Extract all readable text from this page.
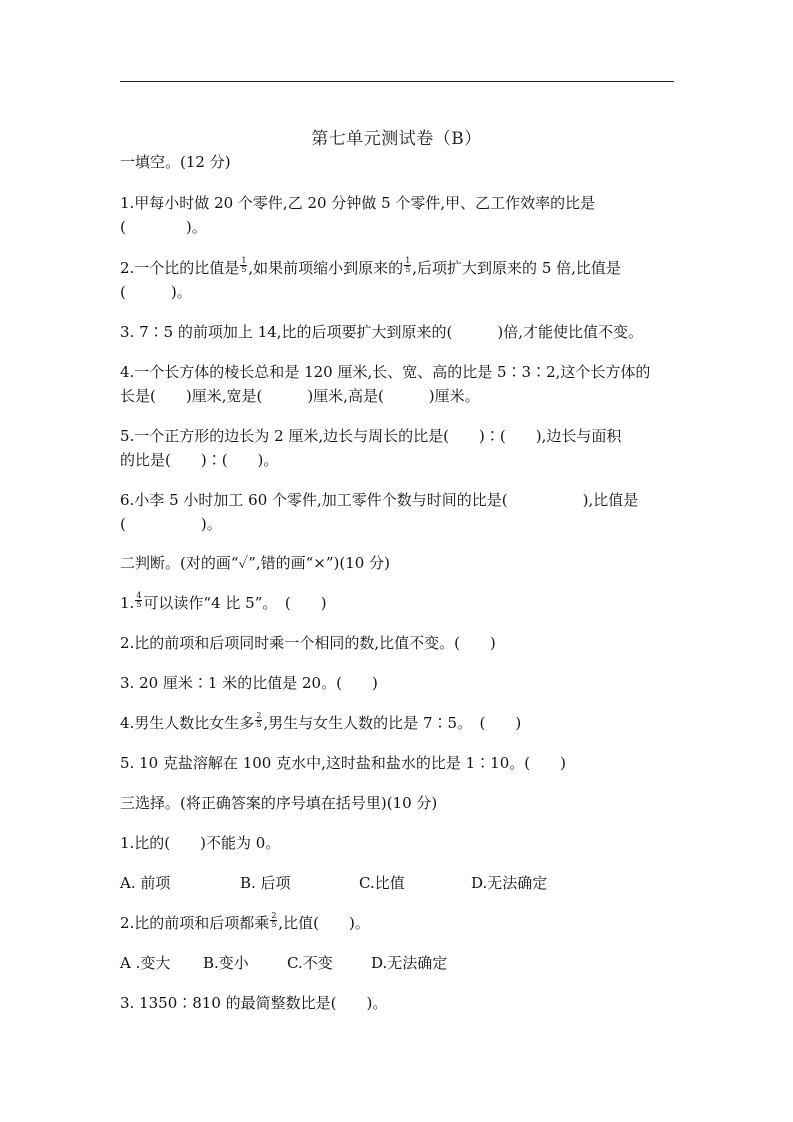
第七单元测试卷（B）
一填空。(12 分)
1.甲每小时做 20 个零件,乙 20 分钟做 5 个零件,甲、乙工作效率的比是
(　　　　)。
2.一个比的比值是 $\frac{1}{5}$ ,如果前项缩小到原来的 $\frac{1}{5}$ ,后项扩大到原来的 5 倍,比值是
(　　　)。
3. 7∶5 的前项加上 14,比的后项要扩大到原来的(　　　)倍,才能使比值不变。
4.一个长方体的棱长总和是 120 厘米,长、宽、高的比是 5∶3∶2,这个长方体的
长是(　　)厘米,宽是(　　　)厘米,高是(　　　)厘米。
5.一个正方形的边长为 2 厘米,边长与周长的比是(　　)∶(　　),边长与面积
的比是(　　)∶(　　)。
6.小李 5 小时加工 60 个零件,加工零件个数与时间的比是(　　　　　),比值是
(　　　　　)。
二判断。(对的画“✓”,错的画“×”)(10 分)
1. $\frac{4}{5}$ 可以读作“4 比 5”。　(　　)
2.比的前项和后项同时乘一个相同的数,比值不变。(　　)
3. 20 厘米∶1 米的比值是 20。(　　)
4.男生人数比女生多 $\frac{2}{5}$ ,男生与女生人数的比是 7∶5。　(　　)
5. 10 克盐溶解在 100 克水中,这时盐和盐水的比是 1∶10。(　　)
三选择。(将正确答案的序号填在括号里)(10 分)
1.比的(　　)不能为 0。
A. 前项	B. 后项	C.比值	D.无法确定
2.比的前项和后项都乘 $\frac{2}{5}$ ,比值(　　)。
A .变大 B.变小	C.不变	D.无法确定
3. 1350∶810 的最简整数比是(　　)。
